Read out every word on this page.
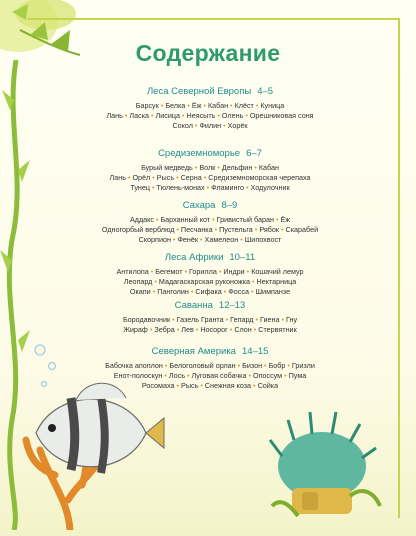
Содержание
Леса Северной Европы 4–5
Барсук • Белка • Ёж • Кабан • Клёст • Куница
Лань • Ласка • Лисица • Неясыть • Олень • Орешниковая соня
Сокол • Филин • Хорёк
Средиземноморье 6–7
Бурый медведь • Волк • Дельфин • Кабан
Лань • Орёл • Рысь • Серна • Средиземноморская черепаха
Тунец • Тюлень-монах • Фламинго • Ходулочник
Сахара 8–9
Аддакс • Барханный кот • Гривистый баран • Ёж
Одногорбый верблюд • Песчанка • Пустельга • Рябок • Скарабей
Скорпион • Фенёк • Хамелеон • Шипохвост
Леса Африки 10–11
Антилопа • Бегемот • Горилла • Индри • Кошачий лемур
Леопард • Мадагаскарская руконожка • Нектарница
Окапи • Панголин • Сифака • Фосса • Шимпанзе
Саванна 12–13
Бородавочник • Газель Гранта • Гепард • Гиена • Гну
Жираф • Зебра • Лев • Носорог • Слон • Стервятник
Северная Америка 14–15
Бабочка апоплон • Белоголовый орлан • Бизон • Бобр • Гризли
Енот-полоскун • Лось • Луговая собачка • Опоссум • Пума
Росомаха • Рысь • Снежная коза • Сойка
